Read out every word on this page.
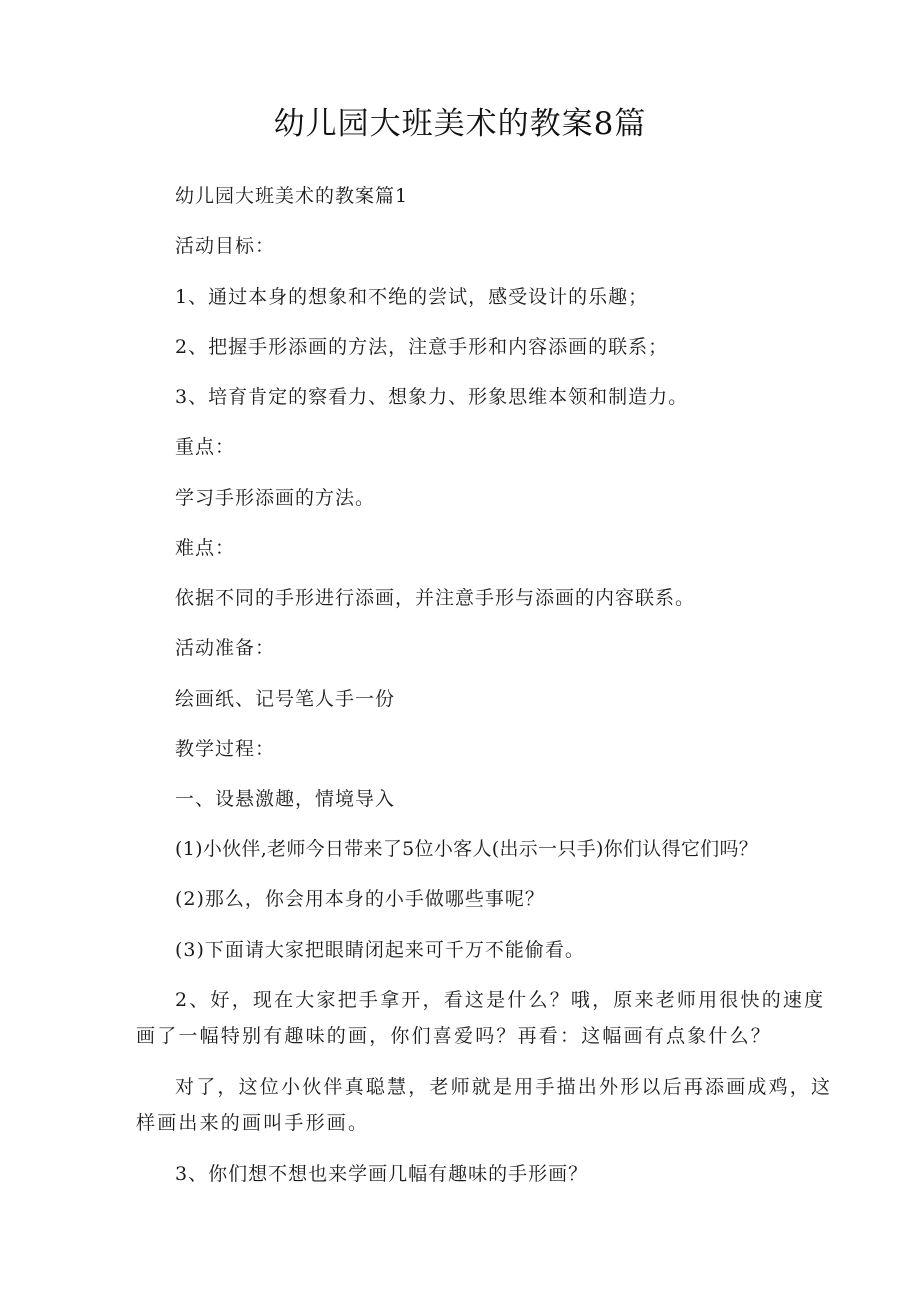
幼儿园大班美术的教案8篇
幼儿园大班美术的教案篇1
活动目标：
1、通过本身的想象和不绝的尝试，感受设计的乐趣；
2、把握手形添画的方法，注意手形和内容添画的联系；
3、培育肯定的察看力、想象力、形象思维本领和制造力。
重点：
学习手形添画的方法。
难点：
依据不同的手形进行添画，并注意手形与添画的内容联系。
活动准备：
绘画纸、记号笔人手一份
教学过程：
一、设悬激趣，情境导入
(1)小伙伴,老师今日带来了5位小客人(出示一只手)你们认得它们吗？
(2)那么，你会用本身的小手做哪些事呢？
(3)下面请大家把眼睛闭起来可千万不能偷看。
2、好，现在大家把手拿开，看这是什么？哦，原来老师用很快的速度
画了一幅特别有趣味的画，你们喜爱吗？再看：这幅画有点象什么？
对了，这位小伙伴真聪慧，老师就是用手描出外形以后再添画成鸡，这
样画出来的画叫手形画。
3、你们想不想也来学画几幅有趣味的手形画？
